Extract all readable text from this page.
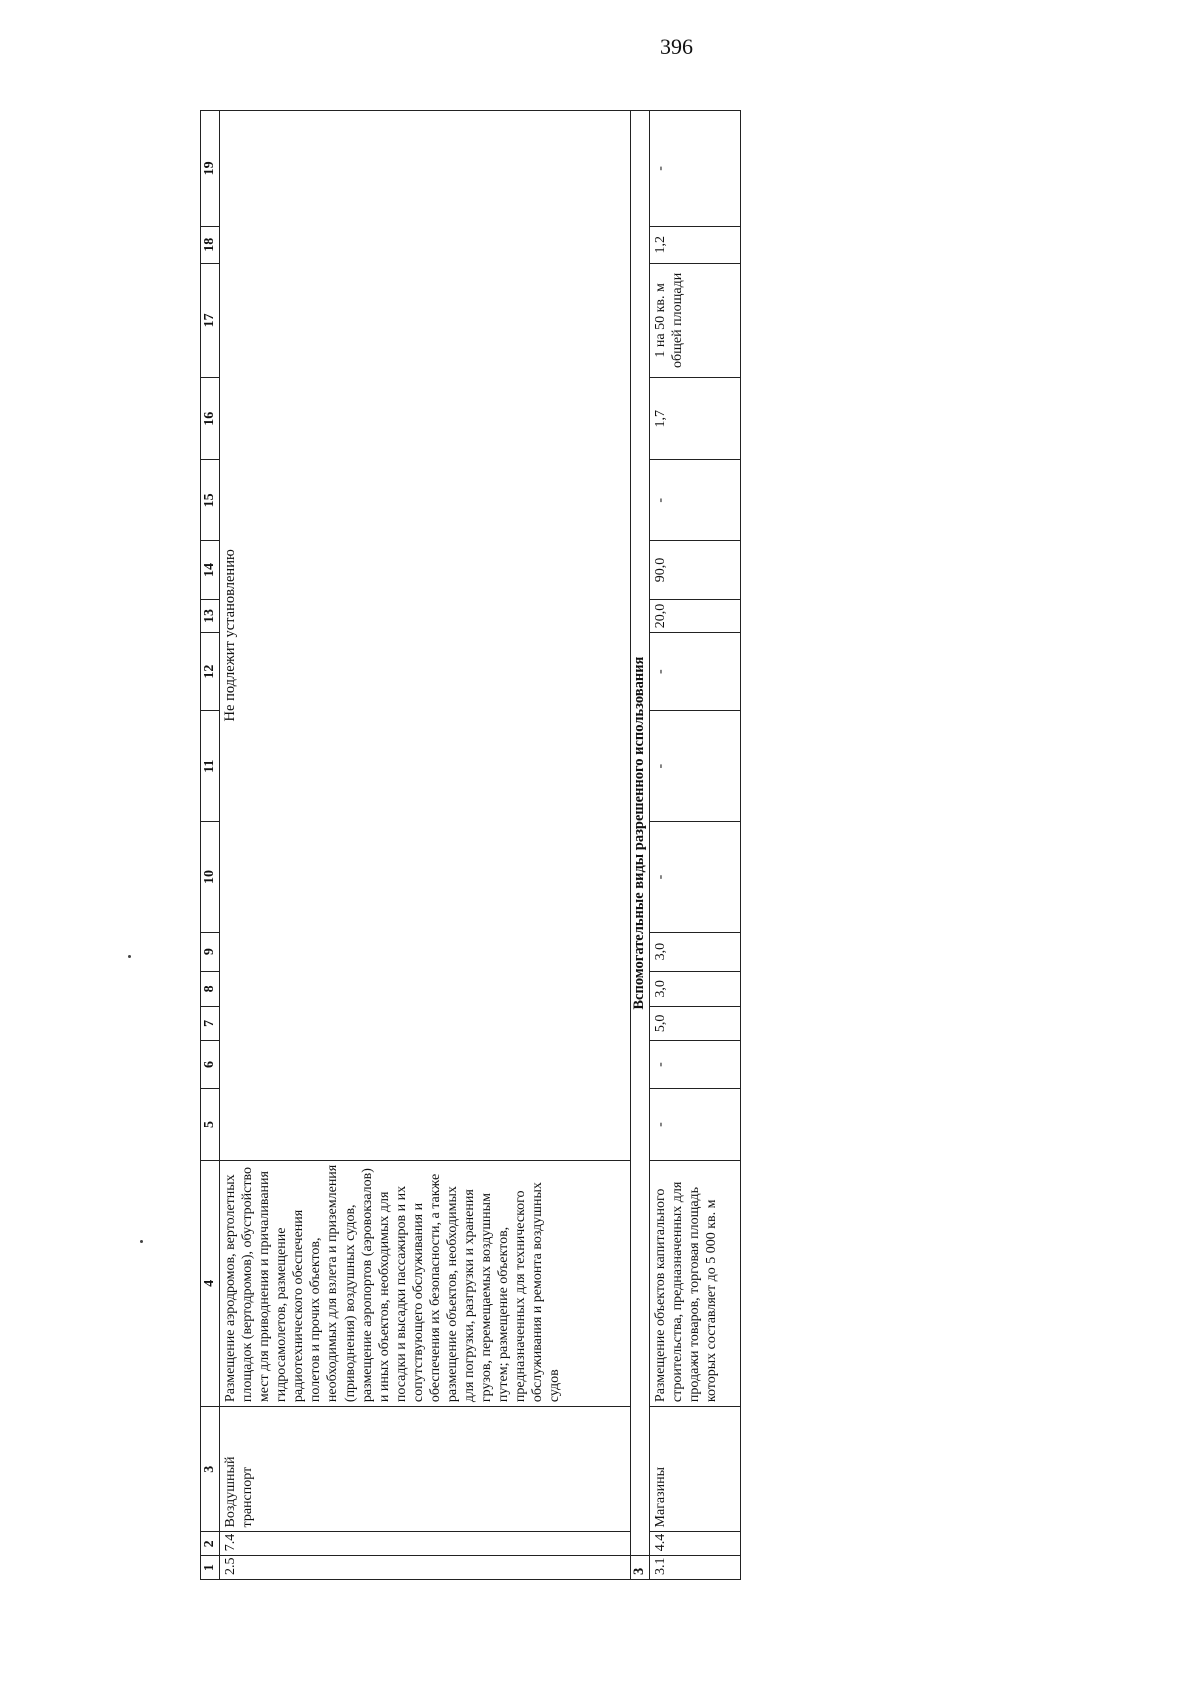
396
1	2	3	4	5	6	7	8	9	10	11	12	13	14	15	16	17	18	19
2.5	7.4	Воздушный транспорт	Размещение аэродромов, вертолетных площадок (вертодромов), обустройство мест для приводнения и причаливания гидросамолетов, размещение радиотехнического обеспечения полетов и прочих объектов, необходимых для взлета и приземления (приводнения) воздушных судов, размещение аэропортов (аэровокзалов) и иных объектов, необходимых для посадки и высадки пассажиров и их сопутствующего обслуживания и обеспечения их безопасности, а также размещение объектов, необходимых для погрузки, разгрузки и хранения грузов, перемещаемых воздушным путем; размещение объектов, предназначенных для технического обслуживания и ремонта воздушных судов	Не подлежит установлению														
3	Вспомогательные виды разрешенного использования																	
3.1	4.4	Магазины	Размещение объектов капитального строительства, предназначенных для продажи товаров, торговая площадь которых составляет до 5 000 кв. м	-	-	5,0	3,0	3,0	-	-	-	20,0	90,0	-	1,7	1 на 50 кв. м общей площади	1,2	-
